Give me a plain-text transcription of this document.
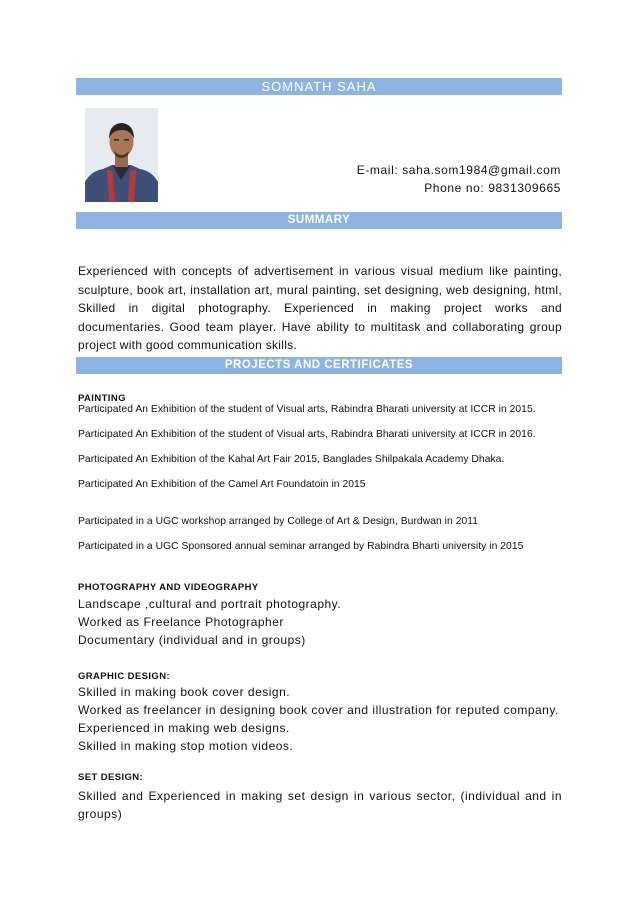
SOMNATH SAHA
E-mail: saha.som1984@gmail.com
Phone no: 9831309665
SUMMARY
Experienced with concepts of advertisement in various visual medium like painting, sculpture, book art, installation art, mural painting, set designing, web designing, html, Skilled in digital photography. Experienced in making project works and documentaries. Good team player. Have ability to multitask and collaborating group project with good communication skills.
PROJECTS AND CERTIFICATES
PAINTING
Participated An Exhibition of the student of Visual arts, Rabindra Bharati university at ICCR in 2015.
Participated An Exhibition of the student of Visual arts, Rabindra Bharati university at ICCR in 2016.
Participated An Exhibition of the Kahal Art Fair 2015, Banglades Shilpakala Academy Dhaka.
Participated An Exhibition of the Camel Art Foundatoin in 2015
Participated in a UGC workshop arranged by College of Art & Design, Burdwan in 2011
Participated in a UGC Sponsored annual seminar arranged by Rabindra Bharti university in 2015
PHOTOGRAPHY AND VIDEOGRAPHY
Landscape ,cultural and portrait photography.
Worked as Freelance Photographer
Documentary (individual and in groups)
GRAPHIC DESIGN:
Skilled in making book cover design.
Worked as freelancer in designing book cover and illustration for reputed company.
Experienced in making web designs.
Skilled in making stop motion videos.
SET DESIGN:
Skilled and Experienced in making set design in various sector, (individual and in groups)
